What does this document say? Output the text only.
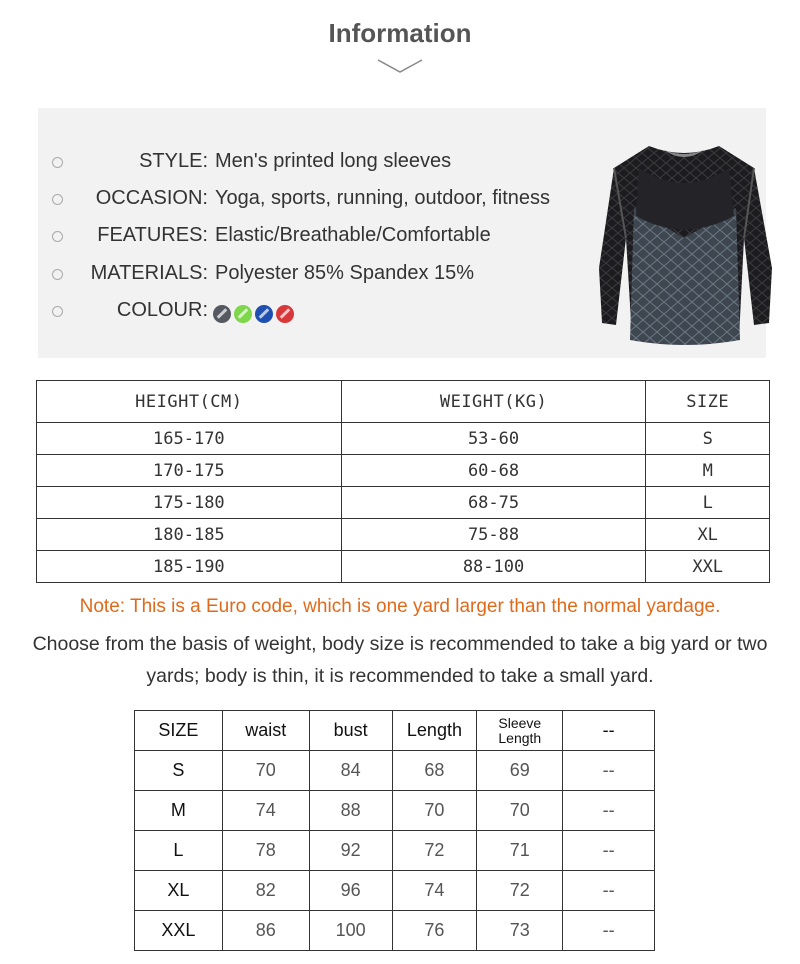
Information
STYLE: Men's printed long sleeves
OCCASION: Yoga, sports, running, outdoor, fitness
FEATURES: Elastic/Breathable/Comfortable
MATERIALS: Polyester 85% Spandex 15%
COLOUR:
HEIGHT(CM)	WEIGHT(KG)	SIZE
165-170	53-60	S
170-175	60-68	M
175-180	68-75	L
180-185	75-88	XL
185-190	88-100	XXL
Note: This is a Euro code, which is one yard larger than the normal yardage.
Choose from the basis of weight, body size is recommended to take a big yard or two yards; body is thin, it is recommended to take a small yard.
SIZE	waist	bust	Length	Sleeve Length	--
S	70	84	68	69	--
M	74	88	70	70	--
L	78	92	72	71	--
XL	82	96	74	72	--
XXL	86	100	76	73	--
